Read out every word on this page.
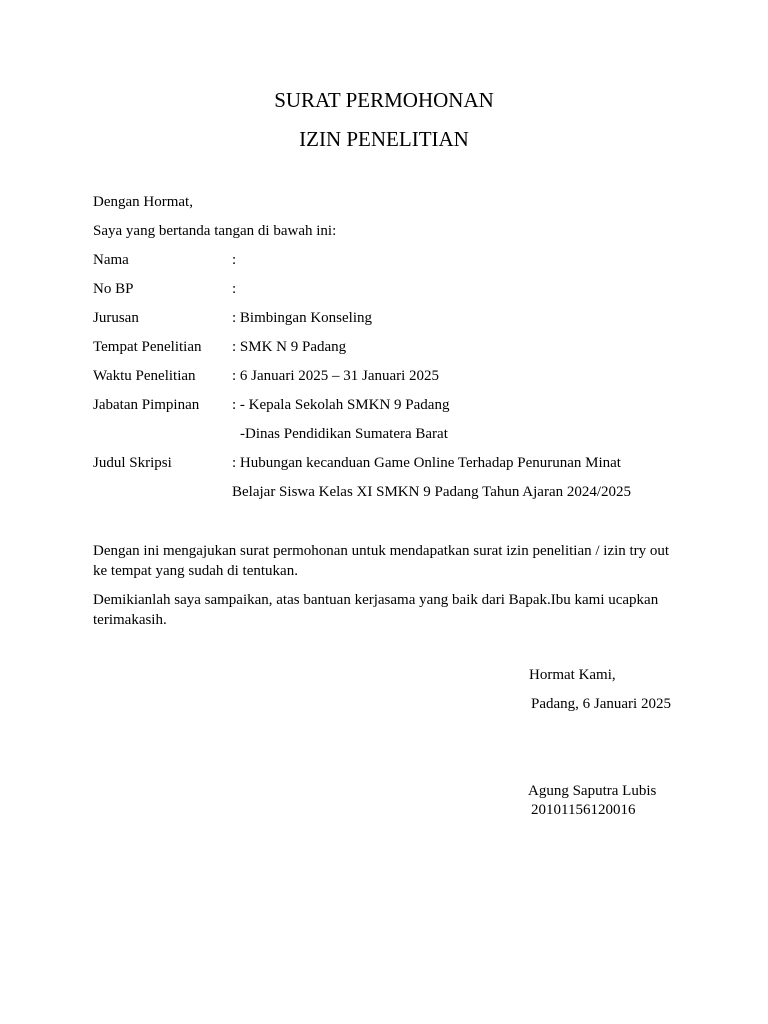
SURAT PERMOHONAN
IZIN PENELITIAN
Dengan Hormat,
Saya yang bertanda tangan di bawah ini:
Nama	:
No BP	:
Jurusan	: Bimbingan Konseling
Tempat Penelitian : SMK N 9 Padang
Waktu Penelitian : 6 Januari 2025 – 31 Januari 2025
Jabatan Pimpinan : - Kepala Sekolah SMKN 9 Padang
-Dinas Pendidikan Sumatera Barat
Judul Skripsi	: Hubungan kecanduan Game Online Terhadap Penurunan Minat
Belajar Siswa Kelas XI SMKN 9 Padang Tahun Ajaran 2024/2025
Dengan ini mengajukan surat permohonan untuk mendapatkan surat izin penelitian / izin try out ke tempat yang sudah di tentukan.
Demikianlah saya sampaikan, atas bantuan kerjasama yang baik dari Bapak.Ibu kami ucapkan terimakasih.
Hormat Kami,
Padang, 6 Januari 2025
Agung Saputra Lubis
20101156120016
